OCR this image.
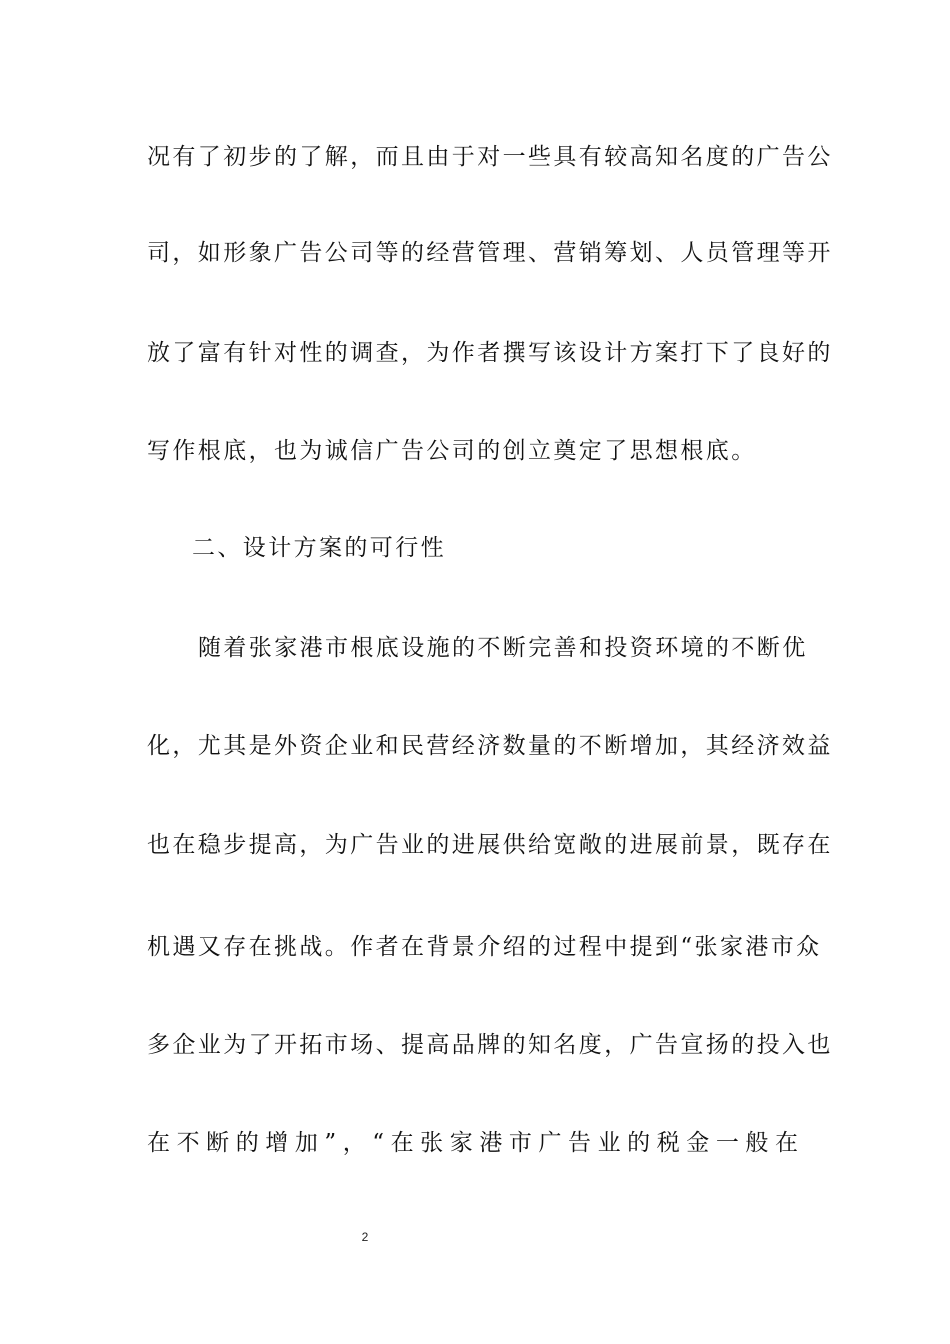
况有了初步的了解，而且由于对一些具有较高知名度的广告公
司，如形象广告公司等的经营管理、营销筹划、人员管理等开
放了富有针对性的调查，为作者撰写该设计方案打下了良好的
写作根底，也为诚信广告公司的创立奠定了思想根底。
二、设计方案的可行性
随着张家港市根底设施的不断完善和投资环境的不断优
化，尤其是外资企业和民营经济数量的不断增加，其经济效益
也在稳步提高，为广告业的进展供给宽敞的进展前景，既存在
机遇又存在挑战。作者在背景介绍的过程中提到“张家港市众
多企业为了开拓市场、提高品牌的知名度，广告宣扬的投入也
在不断的增加”，“在张家港市广告业的税金一般在
2
